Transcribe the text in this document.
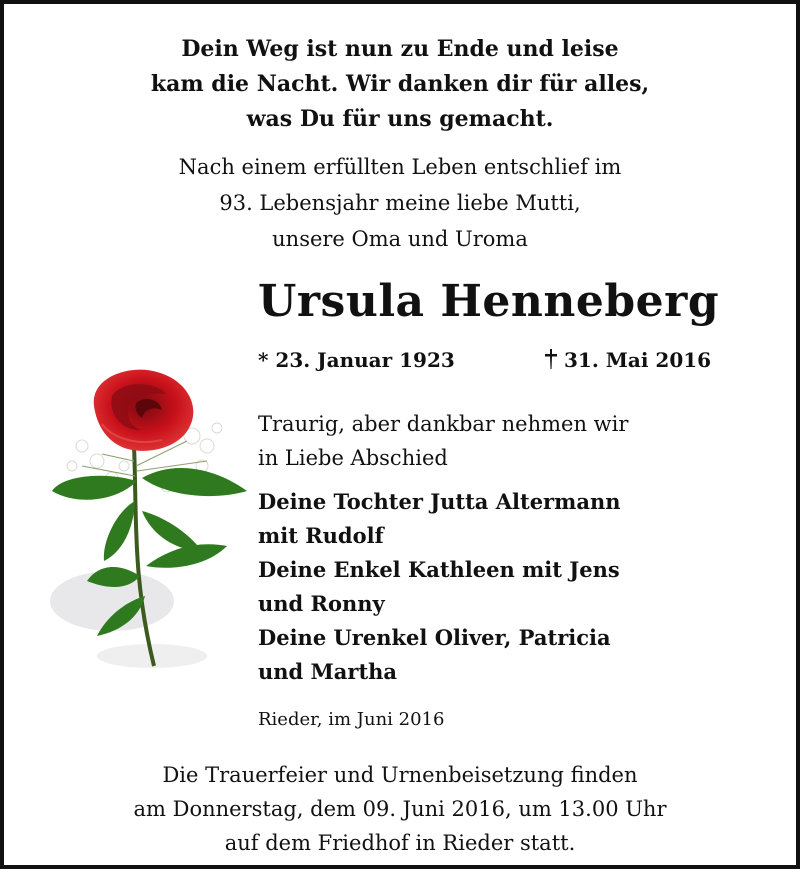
Dein Weg ist nun zu Ende und leise
kam die Nacht. Wir danken dir für alles,
was Du für uns gemacht.
Nach einem erfüllten Leben entschlief im
93. Lebensjahr meine liebe Mutti,
unsere Oma und Uroma
Ursula Henneberg
* 23. Januar 1923	31. Mai 2016
Traurig, aber dankbar nehmen wir
in Liebe Abschied
Deine Tochter Jutta Altermann
mit Rudolf
Deine Enkel Kathleen mit Jens
und Ronny
Deine Urenkel Oliver, Patricia
und Martha
Rieder, im Juni 2016
Die Trauerfeier und Urnenbeisetzung finden
am Donnerstag, dem 09. Juni 2016, um 13.00 Uhr
auf dem Friedhof in Rieder statt.
